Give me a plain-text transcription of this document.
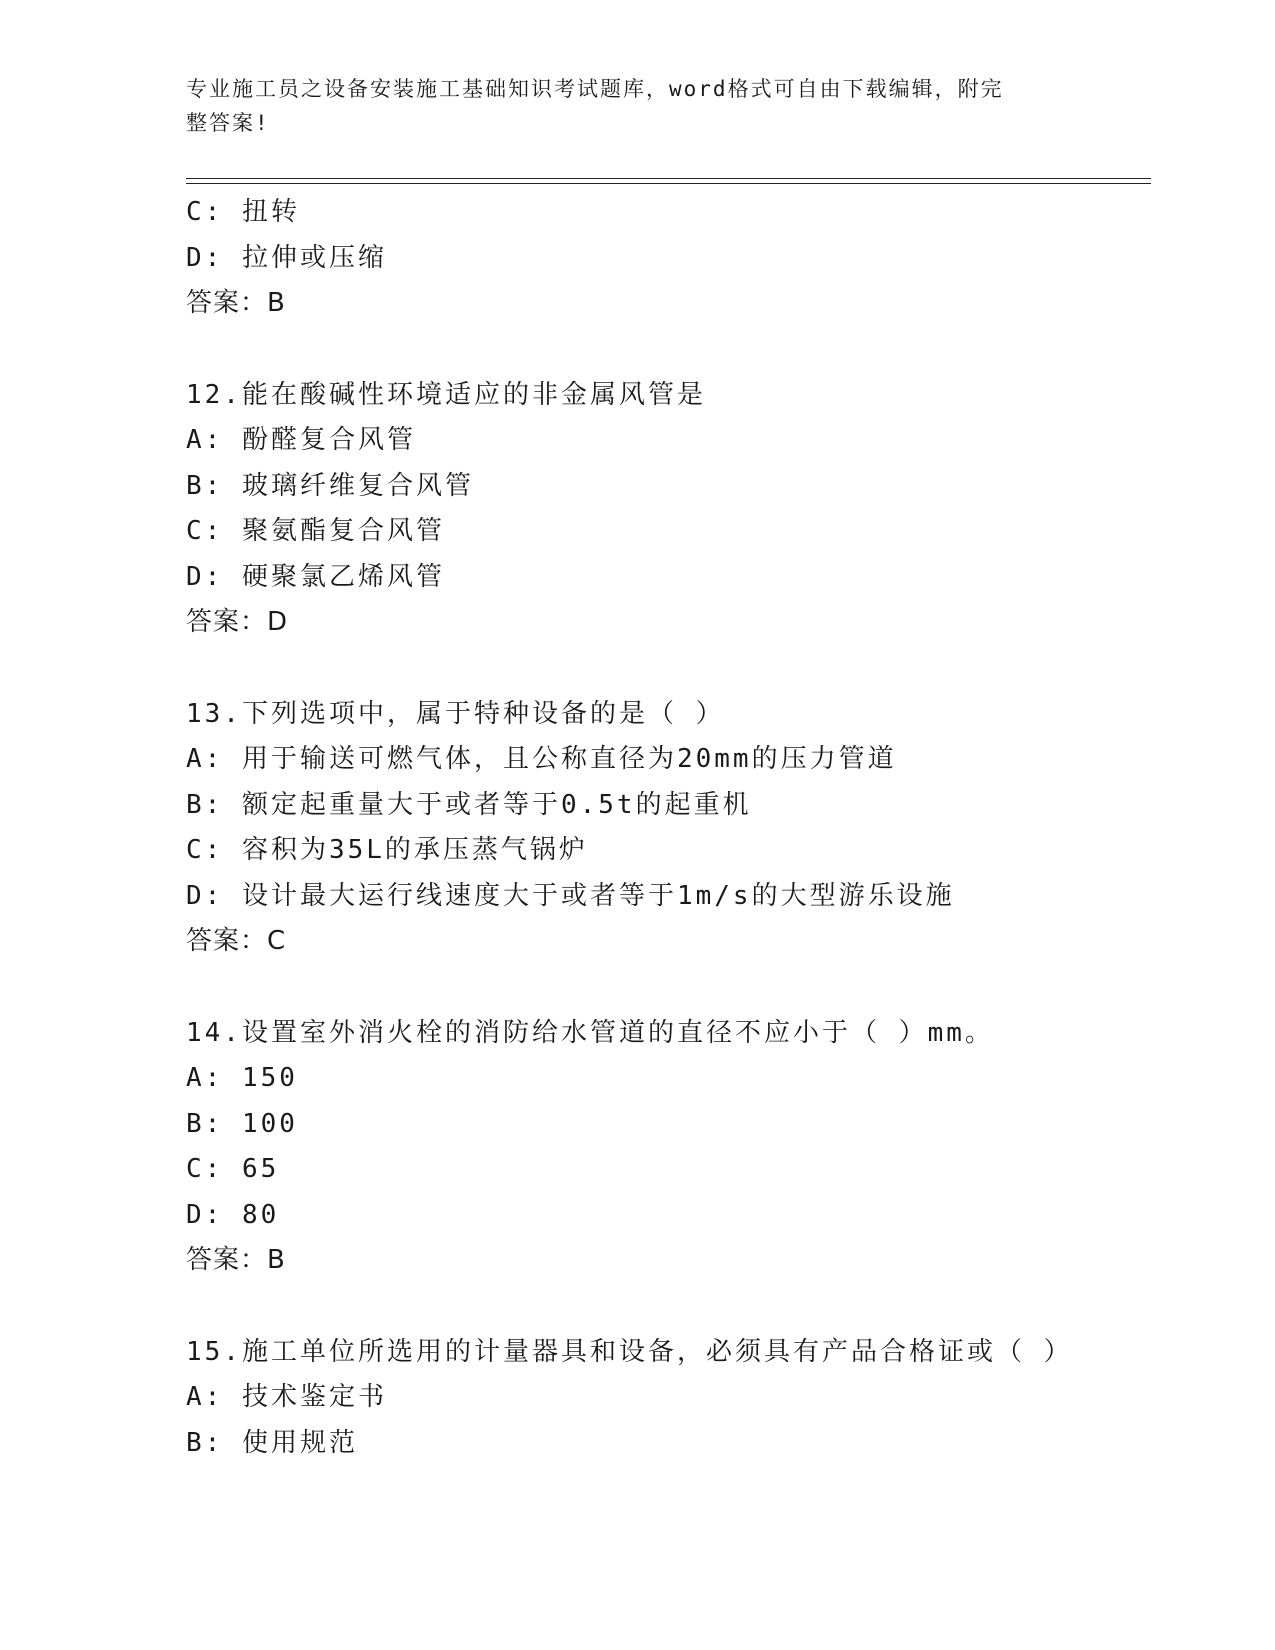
专业施工员之设备安装施工基础知识考试题库，word格式可自由下载编辑，附完
整答案!
C: 扭转
D: 拉伸或压缩
答案：B
12.能在酸碱性环境适应的非金属风管是
A: 酚醛复合风管
B: 玻璃纤维复合风管
C: 聚氨酯复合风管
D: 硬聚氯乙烯风管
答案：D
13.下列选项中，属于特种设备的是（ ）
A: 用于输送可燃气体，且公称直径为20mm的压力管道
B: 额定起重量大于或者等于0.5t的起重机
C: 容积为35L的承压蒸气锅炉
D: 设计最大运行线速度大于或者等于1m/s的大型游乐设施
答案：C
14.设置室外消火栓的消防给水管道的直径不应小于（ ）mm。
A: 150
B: 100
C: 65
D: 80
答案：B
15.施工单位所选用的计量器具和设备，必须具有产品合格证或（ ）
A: 技术鉴定书
B: 使用规范
